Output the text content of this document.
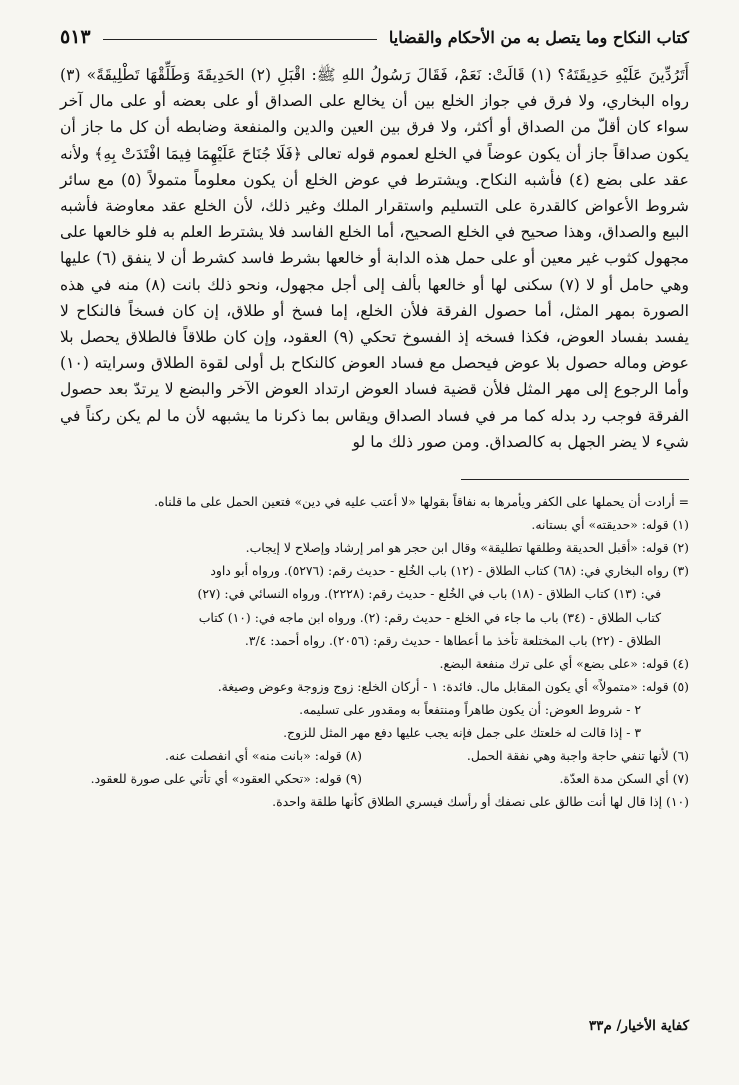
كتاب النكاح وما يتصل به من الأحكام والقضايا
٥١٣

أَتَرُدِّينَ عَلَيْهِ حَدِيقَتَهُ؟ (١) قَالَتْ: نَعَمْ، فَقَالَ رَسُولُ اللهِ ﷺ: اقْبَلِ (٢) الحَدِيقَةَ وَطَلِّقْهَا تَطْلِيقَةً» (٣) رواه البخاري، ولا فرق في جواز الخلع بين أن يخالع على الصداق أو على بعضه أو على مال آخر سواء كان أقلّ من الصداق أو أكثر، ولا فرق بين العين والدين والمنفعة وضابطه أن كل ما جاز أن يكون صداقاً جاز أن يكون عوضاً في الخلع لعموم قوله تعالى ﴿فَلَا جُنَاحَ عَلَيْهِمَا فِيمَا افْتَدَتْ بِهِ﴾ ولأنه عقد على بضع (٤) فأشبه النكاح. ويشترط في عوض الخلع أن يكون معلوماً متمولاً (٥) مع سائر شروط الأعواض كالقدرة على التسليم واستقرار الملك وغير ذلك، لأن الخلع عقد معاوضة فأشبه البيع والصداق، وهذا صحيح في الخلع الصحيح، أما الخلع الفاسد فلا يشترط العلم به فلو خالعها على مجهول كثوب غير معين أو على حمل هذه الدابة أو خالعها بشرط فاسد كشرط أن لا ينفق (٦) عليها وهي حامل أو لا (٧) سكنى لها أو خالعها بألف إلى أجل مجهول، ونحو ذلك بانت (٨) منه في هذه الصورة بمهر المثل، أما حصول الفرقة فلأن الخلع، إما فسخ أو طلاق، إن كان فسخاً فالنكاح لا يفسد بفساد العوض، فكذا فسخه إذ الفسوخ تحكي (٩) العقود، وإن كان طلاقاً فالطلاق يحصل بلا عوض وماله حصول بلا عوض فيحصل مع فساد العوض كالنكاح بل أولى لقوة الطلاق وسرايته (١٠) وأما الرجوع إلى مهر المثل فلأن قضية فساد العوض ارتداد العوض الآخر والبضع لا يرتدّ بعد حصول الفرقة فوجب رد بدله كما مر في فساد الصداق ويقاس بما ذكرنا ما يشبهه لأن ما لم يكن ركناً في شيء لا يضر الجهل به كالصداق. ومن صور ذلك ما لو

= أرادت أن يحملها على الكفر ويأمرها به نفاقاً بقولها «لا أعتب عليه في دين» فتعين الحمل على ما قلناه.
(١) قوله: «حديقته» أي بستانه.
(٢) قوله: «أقبل الحديقة وطلقها تطليقة» وقال ابن حجر هو امر إرشاد وإصلاح لا إيجاب.
(٣) رواه البخاري في: (٦٨) كتاب الطلاق - (١٢) باب الخُلع - حديث رقم: (٥٢٧٦). ورواه أبو داود
في: (١٣) كتاب الطلاق - (١٨) باب في الخُلع - حديث رقم: (٢٢٢٨). ورواه النسائي في: (٢٧)
كتاب الطلاق - (٣٤) باب ما جاء في الخلع - حديث رقم: (٢). ورواه ابن ماجه في: (١٠) كتاب
الطلاق - (٢٢) باب المختلعة تأخذ ما أعطاها - حديث رقم: (٢٠٥٦). رواه أحمد: ٣/٤.
(٤) قوله: «على بضع» أي على ترك منفعة البضع.
(٥) قوله: «متمولاً» أي يكون المقابل مال. فائدة: ١ - أركان الخلع: زوج وزوجة وعوض وصيغة.
٢ - شروط العوض: أن يكون طاهراً ومنتفعاً به ومقدور على تسليمه.
٣ - إذا قالت له خلعتك على جمل فإنه يجب عليها دفع مهر المثل للزوج.
(٦) لأنها تنفي حاجة واجبة وهي نفقة الحمل.
(٨) قوله: «بانت منه» أي انفصلت عنه.
(٧) أي السكن مدة العدّة.
(٩) قوله: «تحكي العقود» أي تأتي على صورة للعقود.
(١٠) إذا قال لها أنت طالق على نصفك أو رأسك فيسري الطلاق كأنها طلقة واحدة.
كفاية الأخيار/ م٣٣
